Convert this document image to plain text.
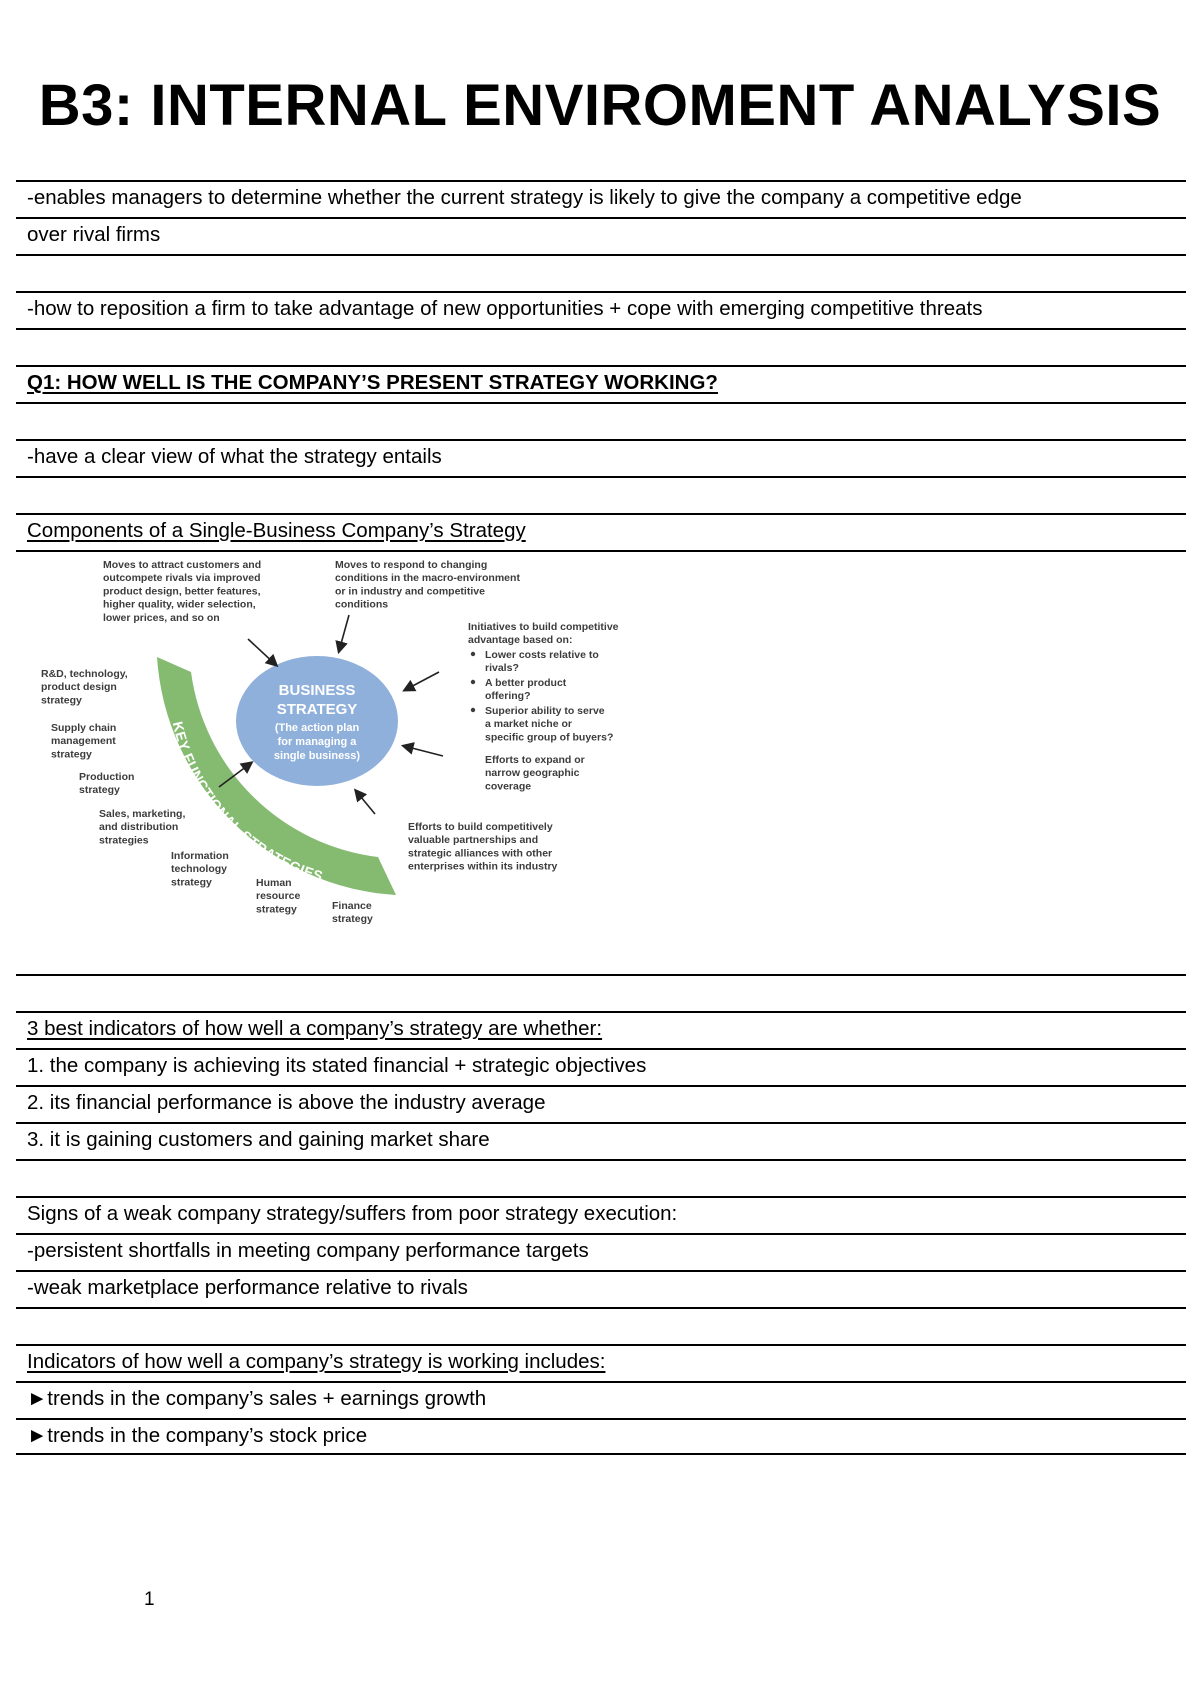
B3: INTERNAL ENVIROMENT ANALYSIS
-enables managers to determine whether the current strategy is likely to give the company a competitive edge
over rival firms
-how to reposition a firm to take advantage of new opportunities + cope with emerging competitive threats
Q1: HOW WELL IS THE COMPANY’S PRESENT STRATEGY WORKING?
-have a clear view of what the strategy entails
Components of a Single-Business Company’s Strategy
KEY FUNCTIONAL STRATEGIES
BUSINESS
STRATEGY
(The action plan
for managing a
single business)
Moves to attract customers and
outcompete rivals via improved
product design, better features,
higher quality, wider selection,
lower prices, and so on
Moves to respond to changing
conditions in the macro-environment
or in industry and competitive
conditions
Initiatives to build competitive
advantage based on:
Lower costs relative to
rivals?
A better product
offering?
Superior ability to serve
a market niche or
specific group of buyers?
Efforts to expand or
narrow geographic
coverage
Efforts to build competitively
valuable partnerships and
strategic alliances with other
enterprises within its industry
R&D, technology,
product design
strategy
Supply chain
management
strategy
Production
strategy
Sales, marketing,
and distribution
strategies
Information
technology
strategy	Human
resource
strategy	Finance
strategy
3 best indicators of how well a company’s strategy are whether:
1. the company is achieving its stated financial + strategic objectives
2. its financial performance is above the industry average
3. it is gaining customers and gaining market share
Signs of a weak company strategy/suffers from poor strategy execution:
-persistent shortfalls in meeting company performance targets
-weak marketplace performance relative to rivals
Indicators of how well a company’s strategy is working includes:
►trends in the company’s sales + earnings growth
►trends in the company’s stock price
1
